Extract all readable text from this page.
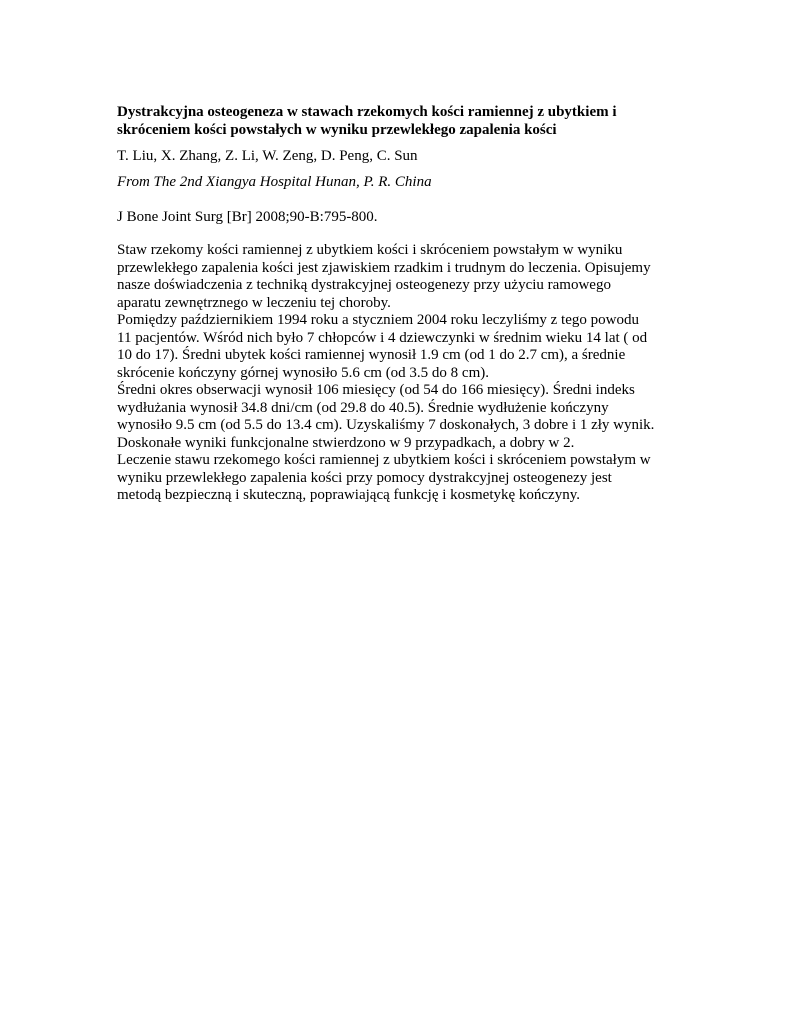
Dystrakcyjna osteogeneza w stawach rzekomych kości ramiennej z ubytkiem i
skróceniem kości powstałych w wyniku przewlekłego zapalenia kości
T. Liu, X. Zhang, Z. Li, W. Zeng, D. Peng, C. Sun
From The 2nd Xiangya Hospital Hunan, P. R. China
J Bone Joint Surg [Br] 2008;90-B:795-800.
Staw rzekomy kości ramiennej z ubytkiem kości i skróceniem powstałym w wyniku
przewlekłego zapalenia kości jest zjawiskiem rzadkim i trudnym do leczenia. Opisujemy
nasze doświadczenia z techniką dystrakcyjnej osteogenezy przy użyciu ramowego
aparatu zewnętrznego w leczeniu tej choroby.
Pomiędzy październikiem 1994 roku a styczniem 2004 roku leczyliśmy z tego powodu
11 pacjentów. Wśród nich było 7 chłopców i 4 dziewczynki w średnim wieku 14 lat ( od
10 do 17). Średni ubytek kości ramiennej wynosił 1.9 cm (od 1 do 2.7 cm), a średnie
skrócenie kończyny górnej wynosiło 5.6 cm (od 3.5 do 8 cm).
Średni okres obserwacji wynosił 106 miesięcy (od 54 do 166 miesięcy). Średni indeks
wydłużania wynosił 34.8 dni/cm (od 29.8 do 40.5). Średnie wydłużenie kończyny
wynosiło 9.5 cm (od 5.5 do 13.4 cm). Uzyskaliśmy 7 doskonałych, 3 dobre i 1 zły wynik.
Doskonałe wyniki funkcjonalne stwierdzono w 9 przypadkach, a dobry w 2.
Leczenie stawu rzekomego kości ramiennej z ubytkiem kości i skróceniem powstałym w
wyniku przewlekłego zapalenia kości przy pomocy dystrakcyjnej osteogenezy jest
metodą bezpieczną i skuteczną, poprawiającą funkcję i kosmetykę kończyny.
